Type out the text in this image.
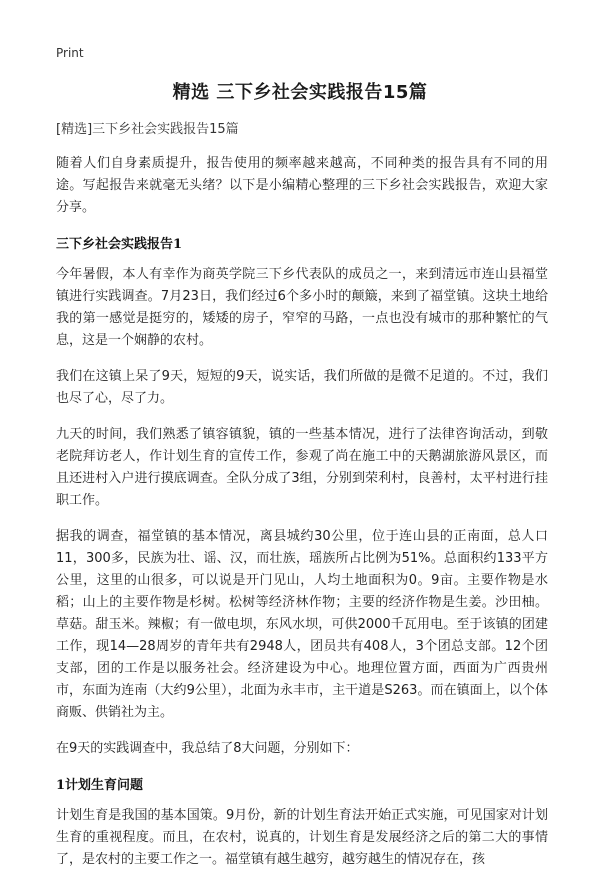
Print
精选 三下乡社会实践报告15篇
[精选]三下乡社会实践报告15篇

随着人们自身素质提升，报告使用的频率越来越高，不同种类的报告具有不同的用途。写起报告来就毫无头绪？以下是小编精心整理的三下乡社会实践报告，欢迎大家分享。

三下乡社会实践报告1

今年暑假，本人有幸作为商英学院三下乡代表队的成员之一，来到清远市连山县福堂镇进行实践调查。7月23日，我们经过6个多小时的颠簸，来到了福堂镇。这块土地给我的第一感觉是挺穷的，矮矮的房子，窄窄的马路，一点也没有城市的那种繁忙的气息，这是一个娴静的农村。

我们在这镇上呆了9天，短短的9天，说实话，我们所做的是微不足道的。不过，我们也尽了心，尽了力。

九天的时间，我们熟悉了镇容镇貌，镇的一些基本情况，进行了法律咨询活动，到敬老院拜访老人，作计划生育的宣传工作，参观了尚在施工中的天鹅湖旅游风景区，而且还进村入户进行摸底调查。全队分成了3组，分别到荣利村，良善村，太平村进行挂职工作。

据我的调查，福堂镇的基本情况，离县城约30公里，位于连山县的正南面，总人口11，300多，民族为壮、谣、汉，而壮族，瑶族所占比例为51%。总面积约133平方公里，这里的山很多，可以说是开门见山，人均土地面积为0。9亩。主要作物是水稻；山上的主要作物是杉树。松树等经济林作物；主要的经济作物是生姜。沙田柚。草菇。甜玉米。辣椒；有一做电坝，东风水坝，可供2000千瓦用电。至于该镇的团建工作，现14—28周岁的青年共有2948人，团员共有408人，3个团总支部。12个团支部，团的工作是以服务社会。经济建设为中心。地理位置方面，西面为广西贵州市，东面为连南（大约9公里），北面为永丰市，主干道是S263。而在镇面上，以个体商贩、供销社为主。

在9天的实践调查中，我总结了8大问题，分别如下：

1计划生育问题

计划生育是我国的基本国策。9月份，新的计划生育法开始正式实施，可见国家对计划生育的重视程度。而且，在农村，说真的，计划生育是发展经济之后的第二大的事情了，是农村的主要工作之一。福堂镇有越生越穷，越穷越生的情况存在，孩
